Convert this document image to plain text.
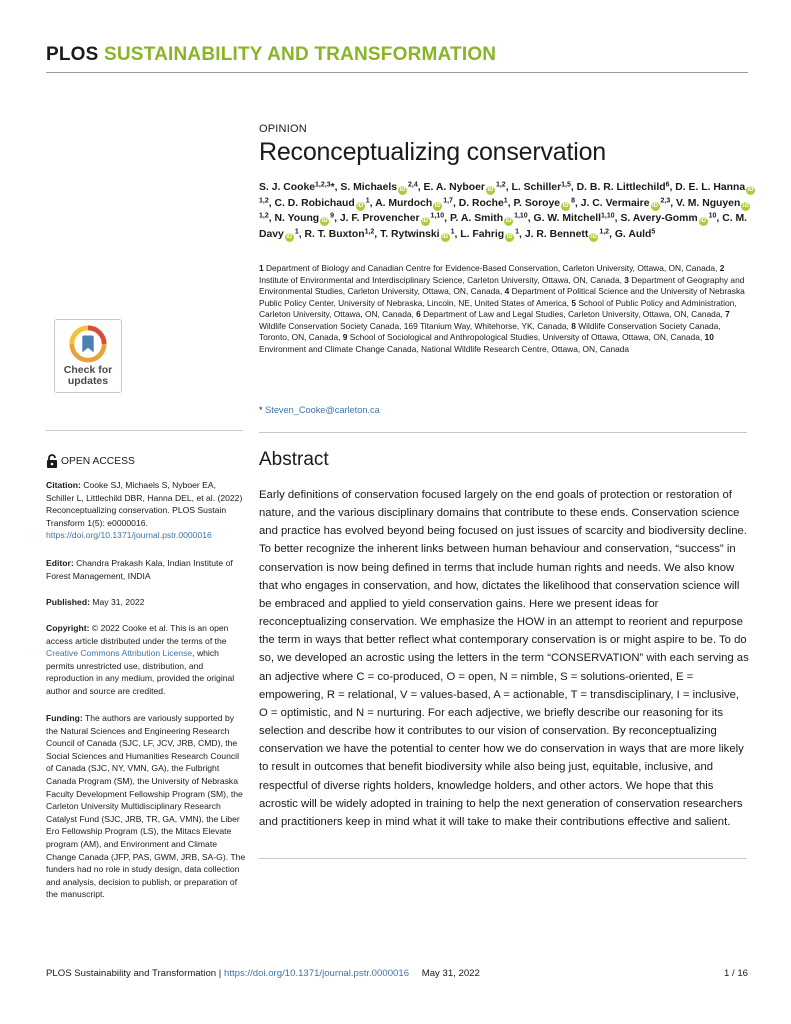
PLOS SUSTAINABILITY AND TRANSFORMATION
Check for
updates
OPINION
Reconceptualizing conservation
S. J. Cooke$^{1,2,3}$*, S. Michaels iD$^{2,4}$, E. A. Nyboer iD$^{1,2}$, L. Schiller$^{1,5}$, D. B. R. Littlechild$^6$, D. E. L. Hanna iD$^{1,2}$, C. D. Robichaud $iD^1$, A. Murdoch iD$^{1,7}$, D. Roche$^1$, P. Soroye $iD^8$, J. C. Vermaire iD$^{2,3}$, V. M. Nguyen iD$^{1,2}$, N. Young $iD^9$, J. F. Provencher iD$^{1,10}$, P. A. Smith iD$^{1,10}$, G. W. Mitchell$^{1,10}$, S. Avery-Gomm $iD^{10}$, C. M. Davy $iD^1$, R. T. Buxton$^{1,2}$, T. Rytwinski $iD^1$, L. Fahrig $iD^1$, J. R. Bennett iD$^{1,2}$, G. Auld$^5$
1 Department of Biology and Canadian Centre for Evidence-Based Conservation, Carleton University, Ottawa, ON, Canada, 2 Institute of Environmental and Interdisciplinary Science, Carleton University, Ottawa, ON, Canada, 3 Department of Geography and Environmental Studies, Carleton University, Ottawa, ON, Canada, 4 Department of Political Science and the University of Nebraska Public Policy Center, University of Nebraska, Lincoln, NE, United States of America, 5 School of Public Policy and Administration, Carleton University, Ottawa, ON, Canada, 6 Department of Law and Legal Studies, Carleton University, Ottawa, ON, Canada, 7 Wildlife Conservation Society Canada, 169 Titanium Way, Whitehorse, YK, Canada, 8 Wildlife Conservation Society Canada, Toronto, ON, Canada, 9 School of Sociological and Anthropological Studies, University of Ottawa, Ottawa, ON, Canada, 10 Environment and Climate Change Canada, National Wildlife Research Centre, Ottawa, ON, Canada
* Steven_Cooke@carleton.ca
OPEN ACCESS
Citation: Cooke SJ, Michaels S, Nyboer EA, Schiller L, Littlechild DBR, Hanna DEL, et al. (2022) Reconceptualizing conservation. PLOS Sustain Transform 1(5): e0000016. https://doi.org/10.1371/journal.pstr.0000016
Editor: Chandra Prakash Kala, Indian Institute of Forest Management, INDIA
Published: May 31, 2022
Copyright: © 2022 Cooke et al. This is an open access article distributed under the terms of the Creative Commons Attribution License, which permits unrestricted use, distribution, and reproduction in any medium, provided the original author and source are credited.
Funding: The authors are variously supported by the Natural Sciences and Engineering Research Council of Canada (SJC, LF, JCV, JRB, CMD), the Social Sciences and Humanities Research Council of Canada (SJC, NY, VMN, GA), the Fulbright Canada Program (SM), the University of Nebraska Faculty Development Fellowship Program (SM), the Carleton University Multidisciplinary Research Catalyst Fund (SJC, JRB, TR, GA, VMN), the Liber Ero Fellowship Program (LS), the Mitacs Elevate program (AM), and Environment and Climate Change Canada (JFP, PAS, GWM, JRB, SA-G). The funders had no role in study design, data collection and analysis, decision to publish, or preparation of the manuscript.
Abstract

Early definitions of conservation focused largely on the end goals of protection or restoration of nature, and the various disciplinary domains that contribute to these ends. Conservation science and practice has evolved beyond being focused on just issues of scarcity and biodiversity decline. To better recognize the inherent links between human behaviour and conservation, “success” in conservation is now being defined in terms that include human rights and needs. We also know that who engages in conservation, and how, dictates the likelihood that conservation science will be embraced and applied to yield conservation gains. Here we present ideas for reconceptualizing conservation. We emphasize the HOW in an attempt to reorient and repurpose the term in ways that better reflect what contemporary conservation is or might aspire to be. To do so, we developed an acrostic using the letters in the term “CONSERVATION” with each serving as an adjective where C = co-produced, O = open, N = nimble, S = solutions-oriented, E = empowering, R = relational, V = values-based, A = actionable, T = transdisciplinary, I = inclusive, O = optimistic, and N = nurturing. For each adjective, we briefly describe our reasoning for its selection and describe how it contributes to our vision of conservation. By reconceptualizing conservation we have the potential to center how we do conservation in ways that are more likely to result in outcomes that benefit biodiversity while also being just, equitable, inclusive, and respectful of diverse rights holders, knowledge holders, and other actors. We hope that this acrostic will be widely adopted in training to help the next generation of conservation researchers and practitioners keep in mind what it will take to make their contributions effective and salient.

PLOS Sustainability and Transformation | https://doi.org/10.1371/journal.pstr.0000016 May 31, 2022	1 / 16
